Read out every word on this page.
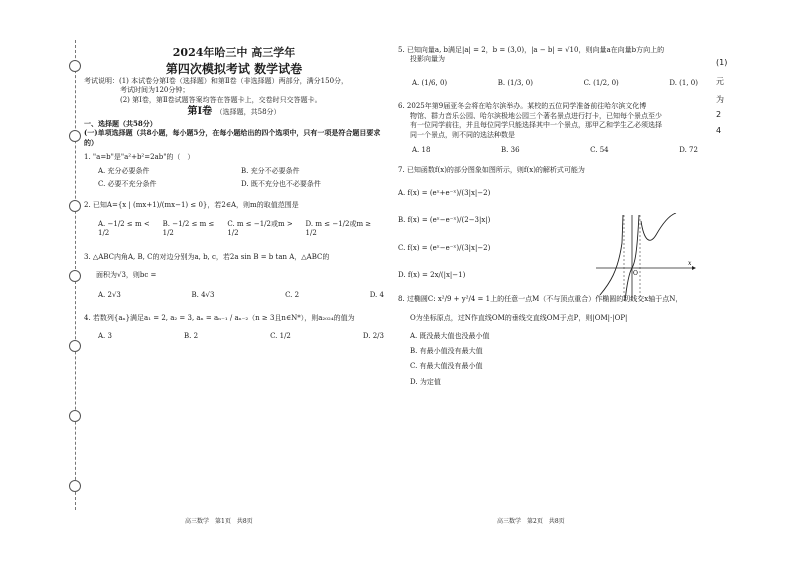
2024年哈三中 高三学年

第四次模拟考试 数学试卷

考试说明：(1) 本试卷分第Ⅰ卷（选择题）和第Ⅱ卷（非选择题）两部分，满分150分，

考试时间为120分钟；

(2) 第Ⅰ卷，第Ⅱ卷试题答案均答在答题卡上，交卷时只交答题卡。

第Ⅰ卷 （选择题，共58分）

一、选择题（共58分）

(一)单项选择题（共8小题，每小题5分，在每小题给出的四个选项中，只有一项是符合题目要求的）

1. "a=b"是"a²+b²=2ab"的（　）

A. 充分必要条件	B. 充分不必要条件
C. 必要不充分条件	D. 既不充分也不必要条件

2. 已知A={x | (mx+1)/(mx−1) ≤ 0}，若2∈A，则m的取值范围是

A. −1/2 ≤ m < 1/2
B. −1/2 ≤ m ≤ 1/2
C. m ≤ −1/2或m > 1/2
D. m ≤ −1/2或m ≥ 1/2

3. △ABC内角A, B, C的对边分别为a, b, c，若2a sin B = b tan A，△ABC的

面积为√3，则bc =

A. 2√3	B. 4√3	C. 2	D. 4

4. 若数列{aₙ}满足a₁ = 2, a₂ = 3, aₙ = aₙ₋₁ / aₙ₋₂（n ≥ 3且n∈N*），则a₂₀₂₄的值为

A. 3	B. 2	C. 1/2	D. 2/3

5. 已知向量a, b满足|a| = 2，b = (3,0)，|a − b| = √10，则向量a在向量b方向上的

投影向量为

A. (1/6, 0)	B. (1/3, 0)	C. (1/2, 0)	D. (1, 0)

6. 2025年第9届亚冬会将在哈尔滨举办。某校的五位同学准备前往哈尔滨文化博

物馆、群力音乐公园、哈尔滨极地公园三个著名景点进行打卡，已知每个景点至少

有一位同学前往，并且每位同学只能选择其中一个景点，那甲乙和学生乙必须选择

同一个景点，则不同的选法种数是

A. 18	B. 36	C. 54	D. 72

7. 已知函数f(x)的部分图象如图所示，则f(x)的解析式可能为

A. f(x) = (eˣ+e⁻ˣ)/(3|x|−2)

B. f(x) = (eˣ−e⁻ˣ)/(2−3|x|)

C. f(x) = (eˣ−e⁻ˣ)/(3|x|−2)

D. f(x) = 2x/(|x|−1)

8. 过椭圆C: x²/9 + y²/4 = 1上的任意一点M（不与顶点重合）作椭圆的切线交x轴于点N，

O为坐标原点，过N作直线OM的垂线交直线OM于点P，则|OM|·|OP|

A. 既没最大值也没最小值

B. 有最小值没有最大值

C. 有最大值没有最小值

D. 为定值

O
x
高三数学　第1页　共8页	高三数学　第2页　共8页
(1)
元
为
2
4
